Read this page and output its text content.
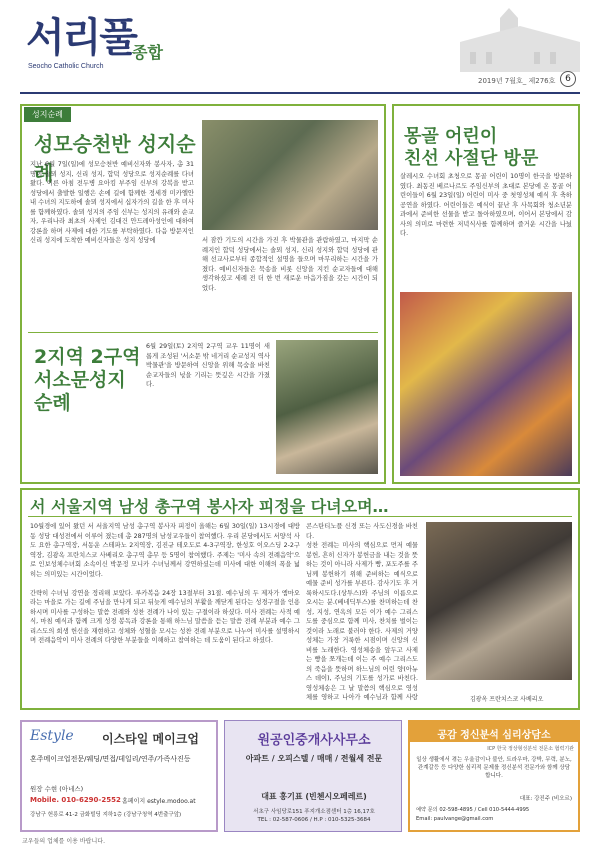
서리풀
Seocho Catholic Church
종합
2019년 7월호_ 제276호	6
성지순례
성모승천반 성지순례
지난 6월 7일(일)에 성모승천반 예비신자와 봉사자, 총 31명이 솔뫼 성지, 신리 성지, 합덕 성당으로 성지순례를 다녀왔다. 이른 아침 전두병 요아킴 부주임 신부의 강복을 받고 성당에서 출발한 일행은 손에 길에 함께한 정세경 미카엘안내 수녀의 지도하에 솔뫼 성지에서 십자가의 길을 한 후 미사를 함께하였다. 솔뫼 성지의 주임 신부는 성지의 유래와 순교자, 우리나라 최초의 사제인 김대건 안드레아성인에 대하여 강론을 하며 사제에 대한 기도를 부탁하였다. 다음 방문지인 신리 성지에 도착한 예비신자들은 성지 성당에	서 잠깐 기도의 시간을 가진 후 박물관을 관람하였고, 마지막 순례지인 합덕 성당에서는 솔뫼 성지, 신리 성지와 합덕 성당에 관해 선교사로부터 종합적인 설명을 들으며 마무리하는 시간을 가졌다. 예비신자들은 묵송을 비롯 신앙을 지킨 순교자들에 대해 생각하셨고 세례 전 더 한 번 새로운 마음가짐을 갖는 시간이 되었다.
2지역 2구역
서소문성지
순례
6월 29일(토) 2지역 2구역 교우 11명이 새롭게 조성된 '서소문 밖 네거리 순교성지 역사박물관'을 방문하여 신앙을 위해 목숨을 바친 순교자들의 넋을 기리는 뜻깊은 시간을 가졌다.
몽골 어린이
친선 사절단 방문
살레시오 수녀회 초청으로 몽골 어린이 10명이 한국을 방문하였다. 최동진 베르나르도 주임신부의 초대로 본당에 온 몽골 어린이들이 6월 23일(일) 어린이 미사 중 첫영성체 예식 후 축하공연을 하였다. 어린이들은 예식이 끝난 후 사목회와 청소년분과에서 준비한 선물을 받고 돌아하였으며, 이어서 본당에서 감사의 의미로 마련한 저녁식사를 함께하며 즐거운 시간을 나눴다.
서 서울지역 남성 총구역 봉사자 피정을 다녀오며…
10월경에 있어 왔던 서 서울지역 남성 총구역 봉사자 피정이 올해는 6월 30일(일) 13시경에 대방동 성당 대성전에서 이루어 졌는데 총 287명의 남성교우들이 참여했다. 우리 본당에서도 서양석 사도 요한 총구역장, 서동운 스테파노 2지역장, 김진규 테오도로 4-3구역장, 한성호 이오스딩 2-2구역장, 김광옥 프란치스코 사베리오 총구역 총무 등 5명이 참여했다. 주제는 '미사 속의 전례음악'으로 인보성체수녀회 소속이신 박문정 모니카 수녀님께서 강연하셨는데 미사에 대한 이해의 폭을 넓히는 의미있는 시간이었다.

간략히 수녀님 강연을 정리해 보았다. 루카복음 24장 13절부터 31절. 예수님의 두 제자가 엠마오라는 마을로 가는 길에 주님을 만나게 되고 뒤늦게 예수님의 부활을 깨닫게 된다는 성경구절을 인용하시며 미사를 구성하는 말씀 전례와 성찬 전례가 나이 있는 구절이라 하셨다. 미사 전례는 사적 예식, 마침 예식과 함께 크게 성경 봉독과 강론을 통해 하느님 말씀을 듣는 말씀 전례 부분과 예수 그리스도의 희생 헌신을 재현하고 성체와 성혈을 모시는 성찬 전례 부분으로 나누어 미사를 설명하시며 전례음악이 미사 전례의 다양한 부분들을 이해하고 참여하는 데 도움이 된다고 하셨다.
콘스탄티노플 신경 또는 사도신경을 바친다.
성찬 전례는 미사의 핵심으로 먼저 예물 봉헌, 흔히 신자가 봉헌금을 내는 것을 뜻하는 것이 아니라 사제가 빵, 포도주를 주님께 봉헌하기 위해 준비하는 예식으로 예물 준비 성가를 부른다. 감사기도 후 거룩하시도다.(상투스)와 주님의 이름으로 오시는 분.(베네딕투스)를 찬미하는데 찬성, 지성, 연옥의 모든 이가 예수 그리스도를 중심으로 함께 미사, 찬치를 벌이는 것이라 노래로 불러야 한다. 사제의 거양성체는 가장 거룩한 시점이며 신앙의 신비를 노래한다. 영성체송을 앞두고 사제는 빵을 쪼개는데 이는 주 예수 그리스도의 죽음을 뜻하며 하느님의 어린 양(아뉴스 데이), 주님의 기도를 성가로 바친다. 영성체송은 그 날 말씀의 핵심으로 영성체를 영하고 나아가 예수님과 함께 사랑	김광옥 프란치스코 사베리오
Estyle 이스타일 메이크업
혼주메이크업전문/웨딩/면접/데일리/연주/가족사진등
원장 수현 (아네스)
Mobile. 010-6290-2552 홈페이지 estyle.modoo.at
강남구 헌릉로 41-2 금화빌딩 지하1층 (강남구청역 4번출구앞)
원공인중개사사무소
아파트 / 오피스텔 / 매매 / 전월세 전문
대표 홍기표 (빈첸시오페레르)
서초구 사임당로151 푸지개소점센터 1층 16,17호
TEL : 02-587-0606 / H.P : 010-5325-3684
공감 정신분석 심리상담소
ICP 한국 정상형성분석 전문소 협력기관
일상 생활에서 겪는 우울감이나 불안, 트라우마, 강박, 무력, 분노, 관계갈등 등 다양한 심리적 문제를 정신분석 전문가와 함께 상담합니다.
대표: 강진주 (비오르)
예약 문의 02-598-4895 / Cell 010-5444-4995
Email: paulvange@gmail.com
교우들의 업체를 이용 바랍니다.
